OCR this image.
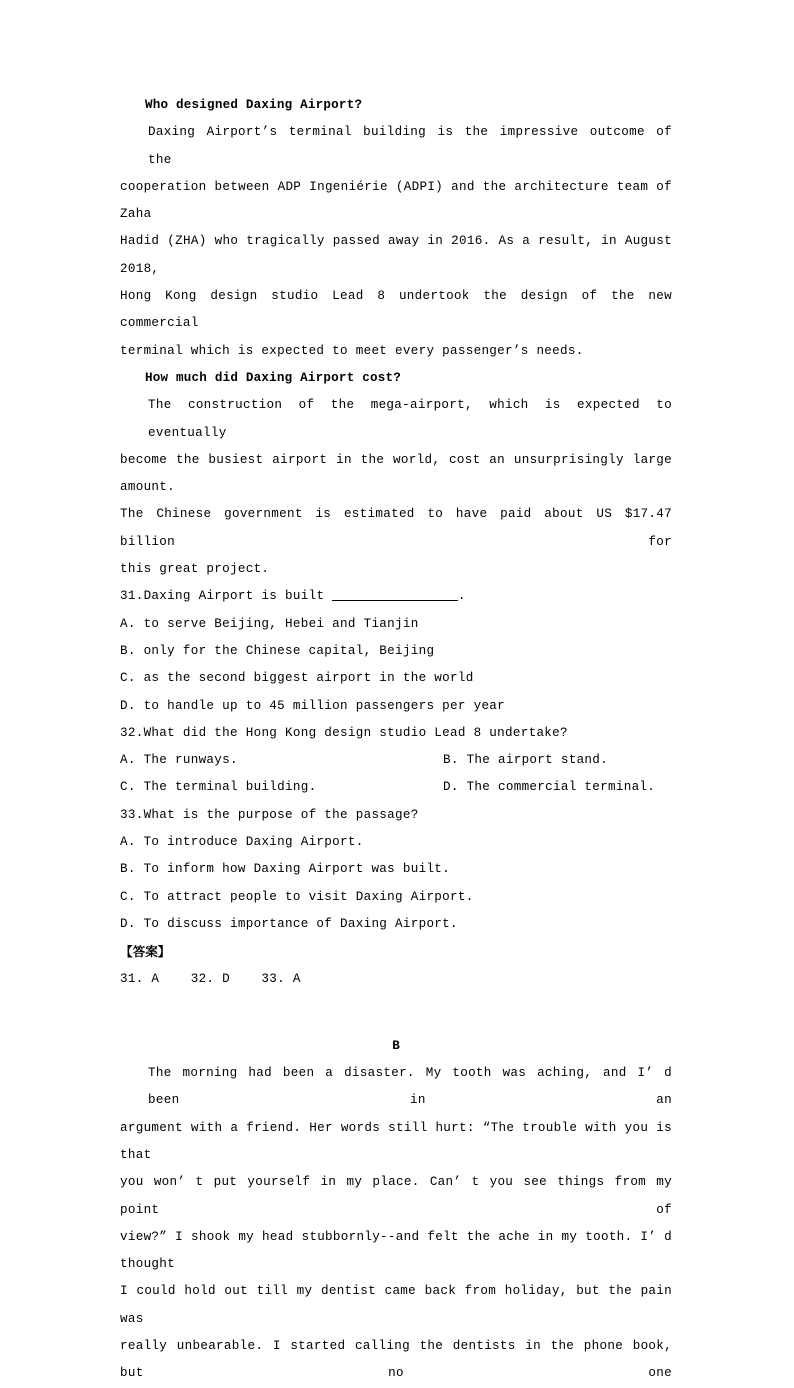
Who designed Daxing Airport?
Daxing Airport’s terminal building is the impressive outcome of the
cooperation between ADP Ingeniérie (ADPI) and the architecture team of Zaha
Hadid (ZHA) who tragically passed away in 2016. As a result, in August 2018,
Hong Kong design studio Lead 8 undertook the design of the new commercial
terminal which is expected to meet every passenger’s needs.
How much did Daxing Airport cost?
The construction of the mega-airport, which is expected to eventually
become the busiest airport in the world, cost an unsurprisingly large amount.
The Chinese government is estimated to have paid about US $17.47 billion for
this great project.
31.Daxing Airport is built ________________.
A. to serve Beijing, Hebei and Tianjin
B. only for the Chinese capital, Beijing
C. as the second biggest airport in the world
D. to handle up to 45 million passengers per year
32.What did the Hong Kong design studio Lead 8 undertake?

A. The runways.

	B. The airport stand.

C. The terminal building.

	D. The commercial terminal.

33.What is the purpose of the passage?
A. To introduce Daxing Airport.
B. To inform how Daxing Airport was built.
C. To attract people to visit Daxing Airport.
D. To discuss importance of Daxing Airport.
【答案】
31. A    32. D    33. A
B
The morning had been a disaster. My tooth was aching, and I’ d been in an
argument with a friend. Her words still hurt: “The trouble with you is that
you won’ t put yourself in my place. Can’ t you see things from my point of
view?” I shook my head stubbornly--and felt the ache in my tooth. I’ d thought
I could hold out till my dentist came back from holiday, but the pain was
really unbearable. I started calling the dentists in the phone book, but no one
